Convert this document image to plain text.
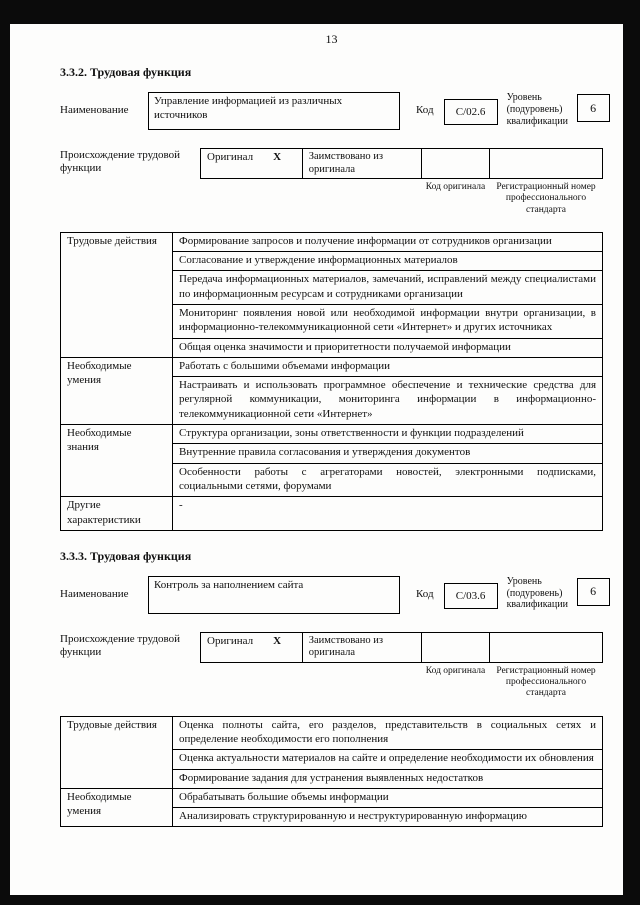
13
3.3.2. Трудовая функция
Наименование
Управление информацией из различных источников	Код	С/02.6
Уровень (подуровень) квалификации
6
Происхождение трудовой функции
Оригинал Х	Заимствовано из оригинала		
		Код оригинала	Регистрационный номер профессионального стандарта
Трудовые действия	Формирование запросов и получение информации от сотрудников организации
	Согласование и утверждение информационных материалов
	Передача информационных материалов, замечаний, исправлений между специалистами по информационным ресурсам и сотрудниками организации
	Мониторинг появления новой или необходимой информации внутри организации, в информационно-телекоммуникационной сети «Интернет» и других источниках
	Общая оценка значимости и приоритетности получаемой информации
Необходимые умения	Работать с большими объемами информации
	Настраивать и использовать программное обеспечение и технические средства для регулярной коммуникации, мониторинга информации в информационно-телекоммуникационной сети «Интернет»
Необходимые знания	Структура организации, зоны ответственности и функции подразделений
	Внутренние правила согласования и утверждения документов
	Особенности работы с агрегаторами новостей, электронными подписками, социальными сетями, форумами
Другие характеристики	-
3.3.3. Трудовая функция
Наименование
Контроль за наполнением сайта
Код	С/03.6
Уровень (подуровень) квалификации
6
Происхождение трудовой функции
Оригинал Х	Заимствовано из оригинала		
		Код оригинала	Регистрационный номер профессионального стандарта
Трудовые действия	Оценка полноты сайта, его разделов, представительств в социальных сетях и определение необходимости его пополнения
	Оценка актуальности материалов на сайте и определение необходимости их обновления
	Формирование задания для устранения выявленных недостатков
Необходимые умения	Обрабатывать большие объемы информации
	Анализировать структурированную и неструктурированную информацию
